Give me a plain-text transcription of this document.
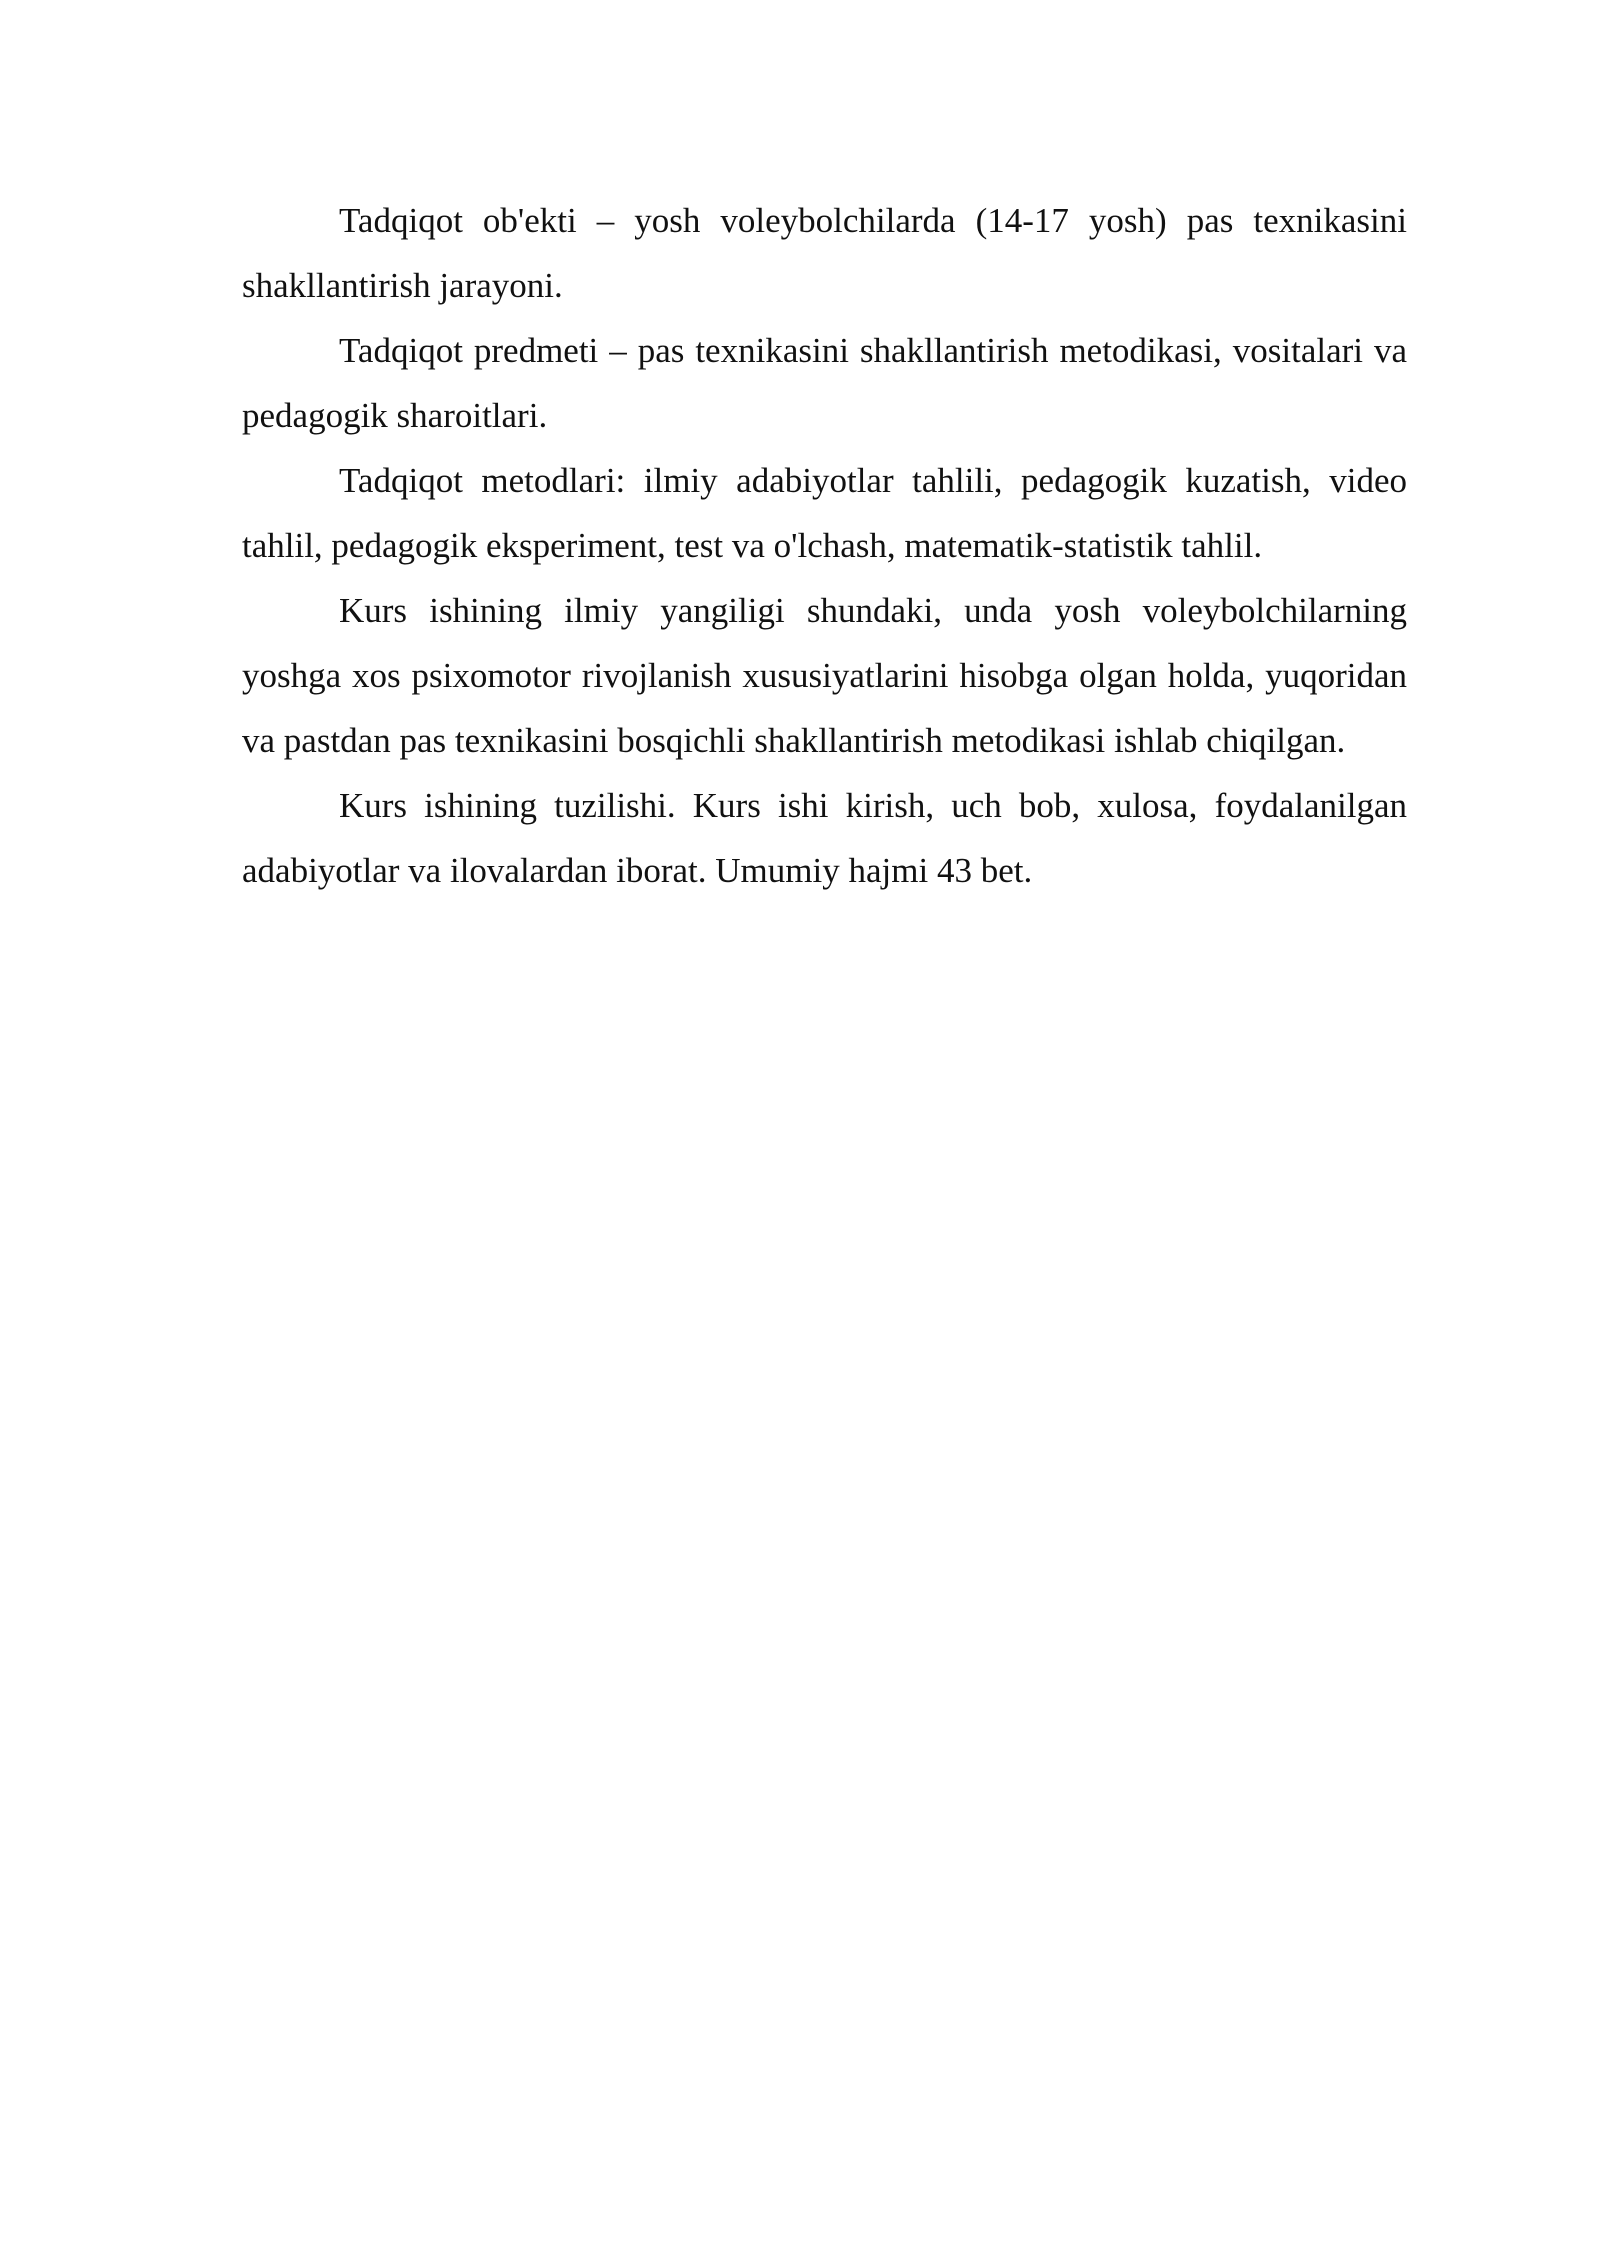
Tadqiqot ob'ekti – yosh voleybolchilarda (14-17 yosh) pas texnikasini shakllantirish jarayoni.

Tadqiqot predmeti – pas texnikasini shakllantirish metodikasi, vositalari va pedagogik sharoitlari.

Tadqiqot metodlari: ilmiy adabiyotlar tahlili, pedagogik kuzatish, video tahlil, pedagogik eksperiment, test va o'lchash, matematik-statistik tahlil.

Kurs ishining ilmiy yangiligi shundaki, unda yosh voleybolchilarning yoshga xos psixomotor rivojlanish xususiyatlarini hisobga olgan holda, yuqoridan va pastdan pas texnikasini bosqichli shakllantirish metodikasi ishlab chiqilgan.

Kurs ishining tuzilishi. Kurs ishi kirish, uch bob, xulosa, foydalanilgan adabiyotlar va ilovalardan iborat. Umumiy hajmi 43 bet.
